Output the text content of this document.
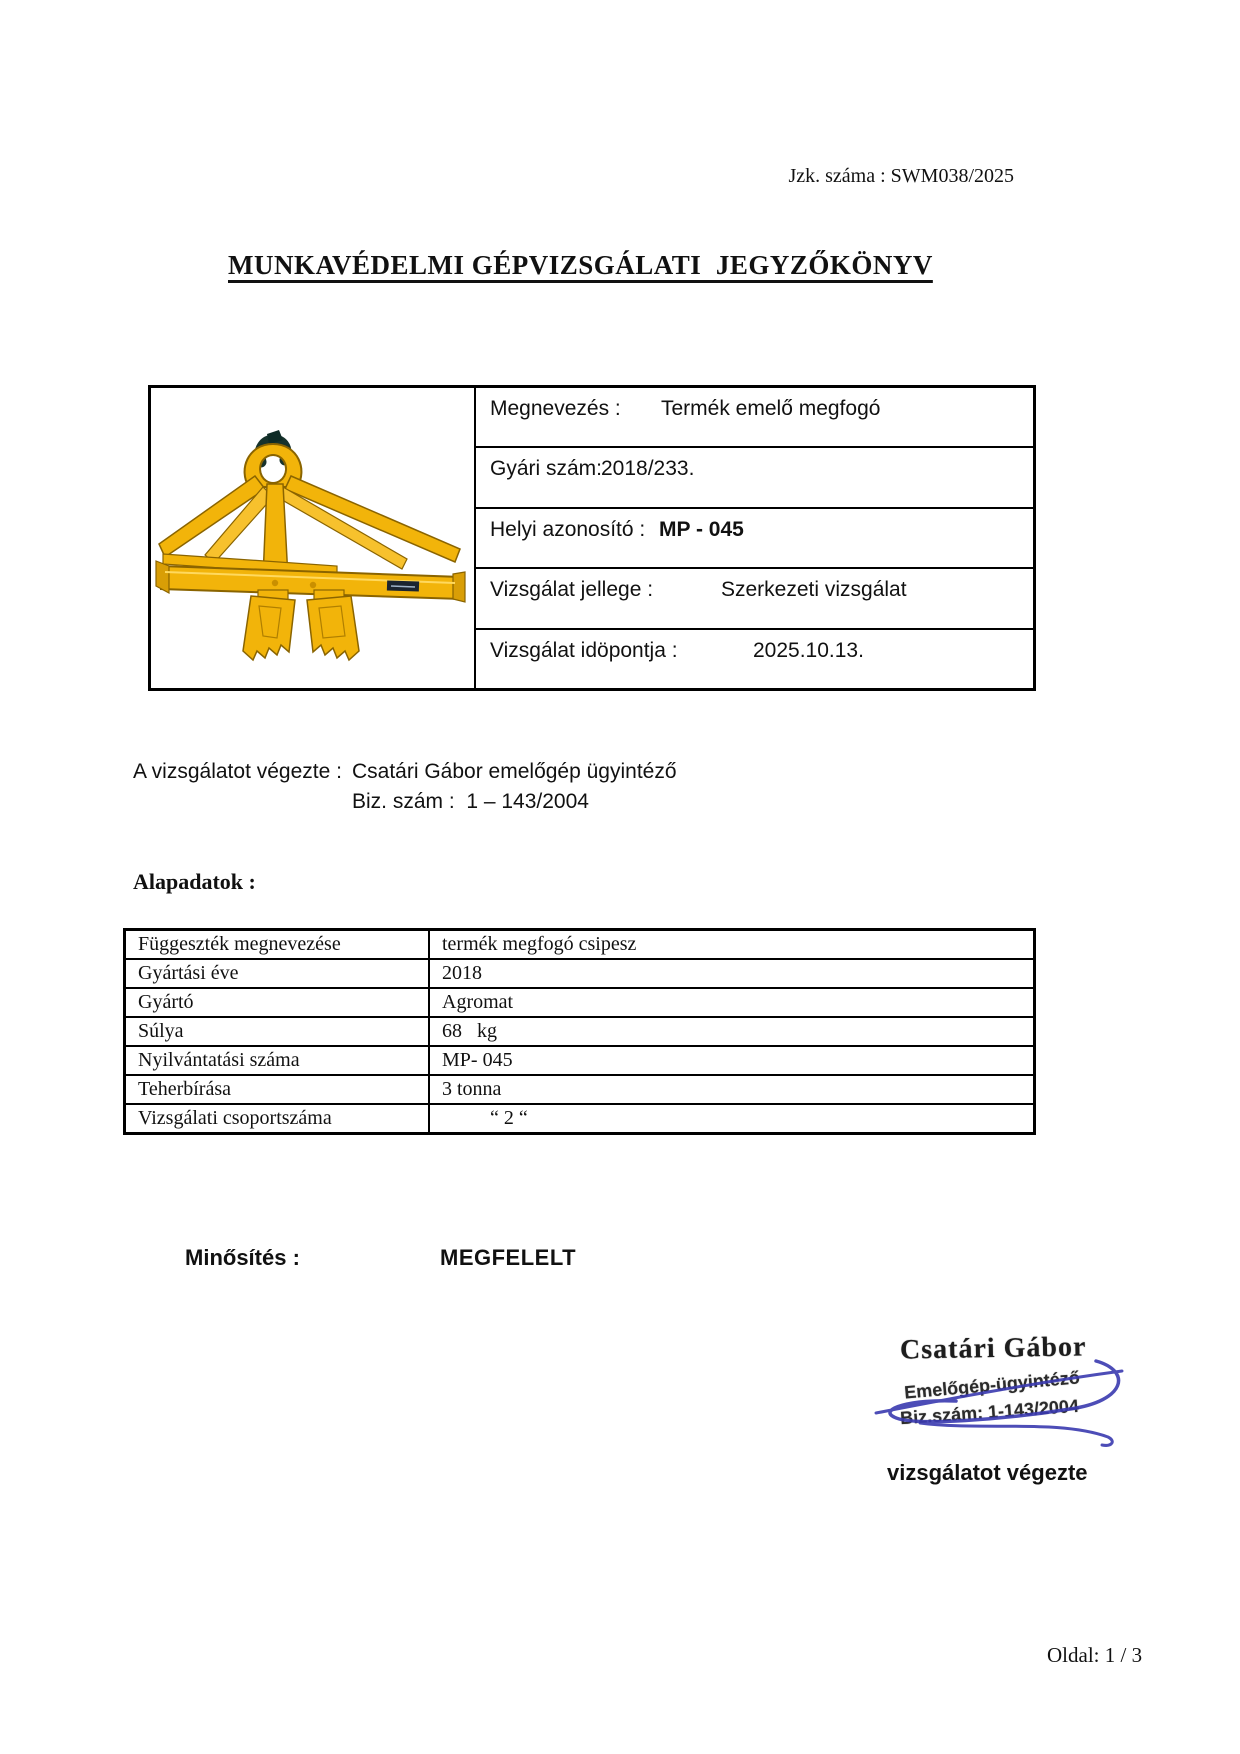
Jzk. száma : SWM038/2025
MUNKAVÉDELMI GÉPVIZSGÁLATI  JEGYZŐKÖNYV
Megnevezés : Termék emelő megfogó
Gyári szám:
2018/233.
Helyi azonosító : MP - 045
Vizsgálat jellege :	Szerkezeti vizsgálat
Vizsgálat idöpontja :	2025.10.13.
A vizsgálatot végezte : Csatári Gábor emelőgép ügyintéző
Biz. szám :  1 – 143/2004
Alapadatok :
Függeszték megnevezése	termék megfogó csipesz
Gyártási éve	2018
Gyártó	Agromat
Súlya	68   kg
Nyilvántatási száma	MP- 045
Teherbírása	3 tonna
Vizsgálati csoportszáma	“ 2 “
Minősítés :	MEGFELELT
Csatári Gábor
Emelőgép-ügyintéző
Biz.szám: 1-143/2004
vizsgálatot végezte
Oldal: 1 / 3
